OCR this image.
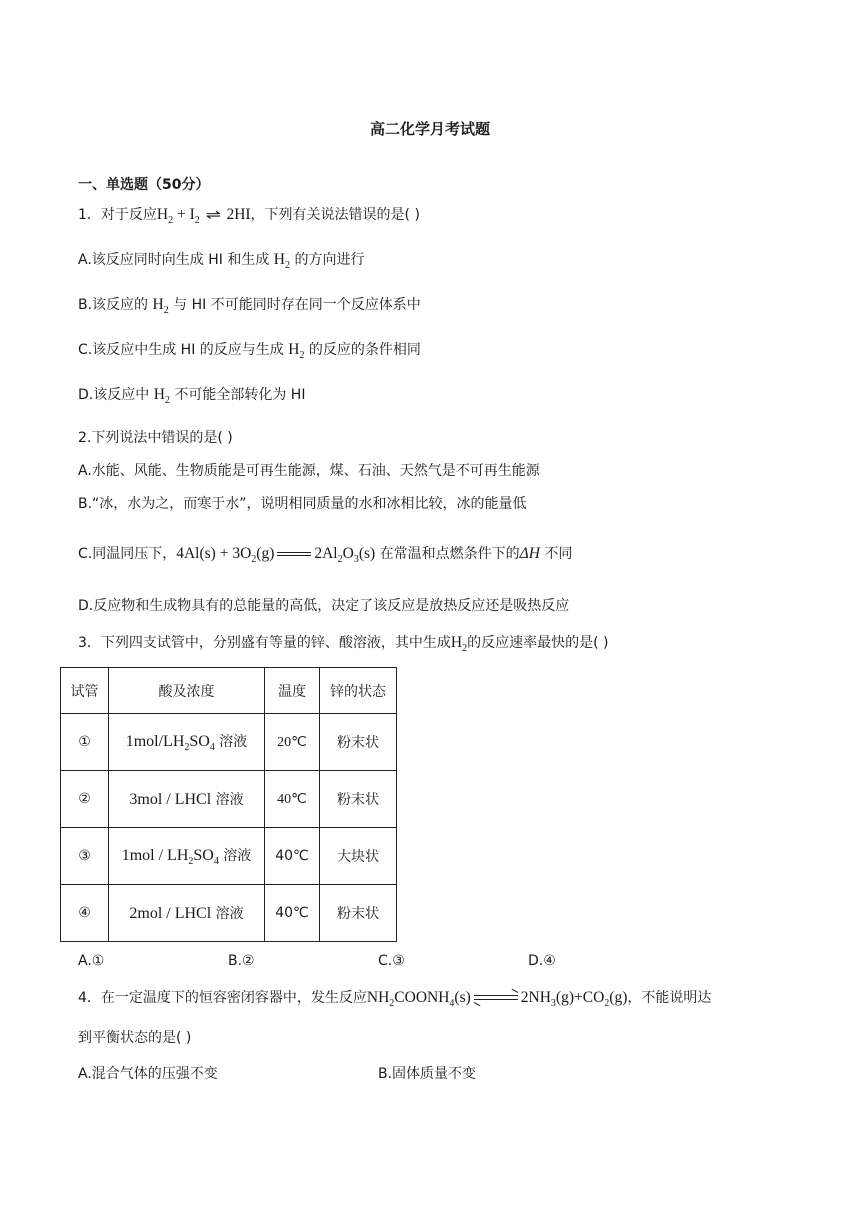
高二化学月考试题
一、单选题（50分）
1．对于反应$H_2 + I_2$ ⇌ 2HI，下列有关说法错误的是( )
A.该反应同时向生成 HI 和生成 $H_2$ 的方向进行
B.该反应的 $H_2$ 与 HI 不可能同时存在同一个反应体系中
C.该反应中生成 HI 的反应与生成 $H_2$ 的反应的条件相同
D.该反应中 $H_2$ 不可能全部转化为 HI
2.下列说法中错误的是( )
A.水能、风能、生物质能是可再生能源，煤、石油、天然气是不可再生能源
B.“冰，水为之，而寒于水”，说明相同质量的水和冰相比较，冰的能量低
C.同温同压下，$4Al(s) + 3O_2(g)$	$2Al_2O_3(s)$ 在常温和点燃条件下的ΔH 不同
D.反应物和生成物具有的总能量的高低，决定了该反应是放热反应还是吸热反应
3．下列四支试管中，分别盛有等量的锌、酸溶液，其中生成$H_2$的反应速率最快的是( )
试管	酸及浓度	温度	锌的状态
①	$1mol/LH_2SO_4$ 溶液	20℃	粉末状
②	3mol / LHCl 溶液	40℃	粉末状
③	$1mol / LH_2SO_4$ 溶液	40℃	大块状
④	2mol / LHCl 溶液	40℃	粉末状
A.①	B.②	C.③	D.④
4．在一定温度下的恒容密闭容器中，发生反应$NH_2COONH_4(s)$	$2NH_3(g)+CO_2(g)$，不能说明达
到平衡状态的是( )
A.混合气体的压强不变	B.固体质量不变
